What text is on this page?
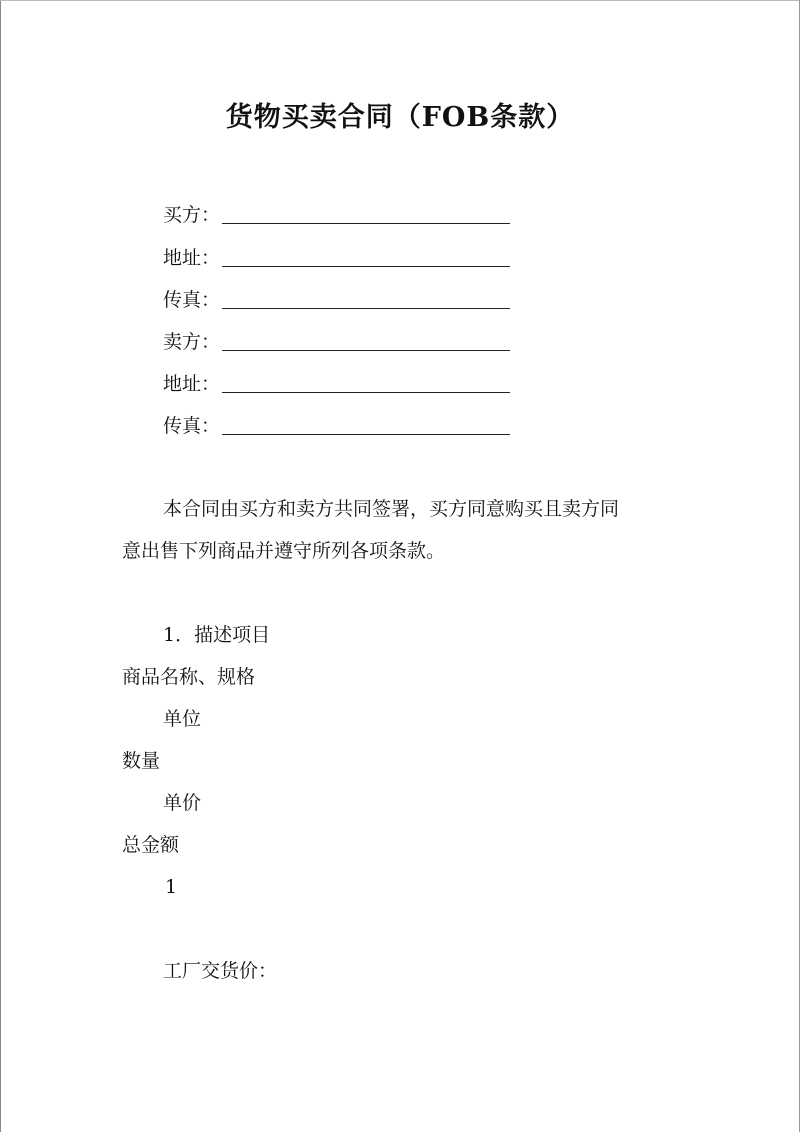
货物买卖合同（FOB条款）
买方：
地址：
传真：
卖方：
地址：
传真：

本合同由买方和卖方共同签署，买方同意购买且卖方同

意出售下列商品并遵守所列各项条款。

1．描述项目

商品名称、规格

单位

数量

单价

总金额

1

工厂交货价：
